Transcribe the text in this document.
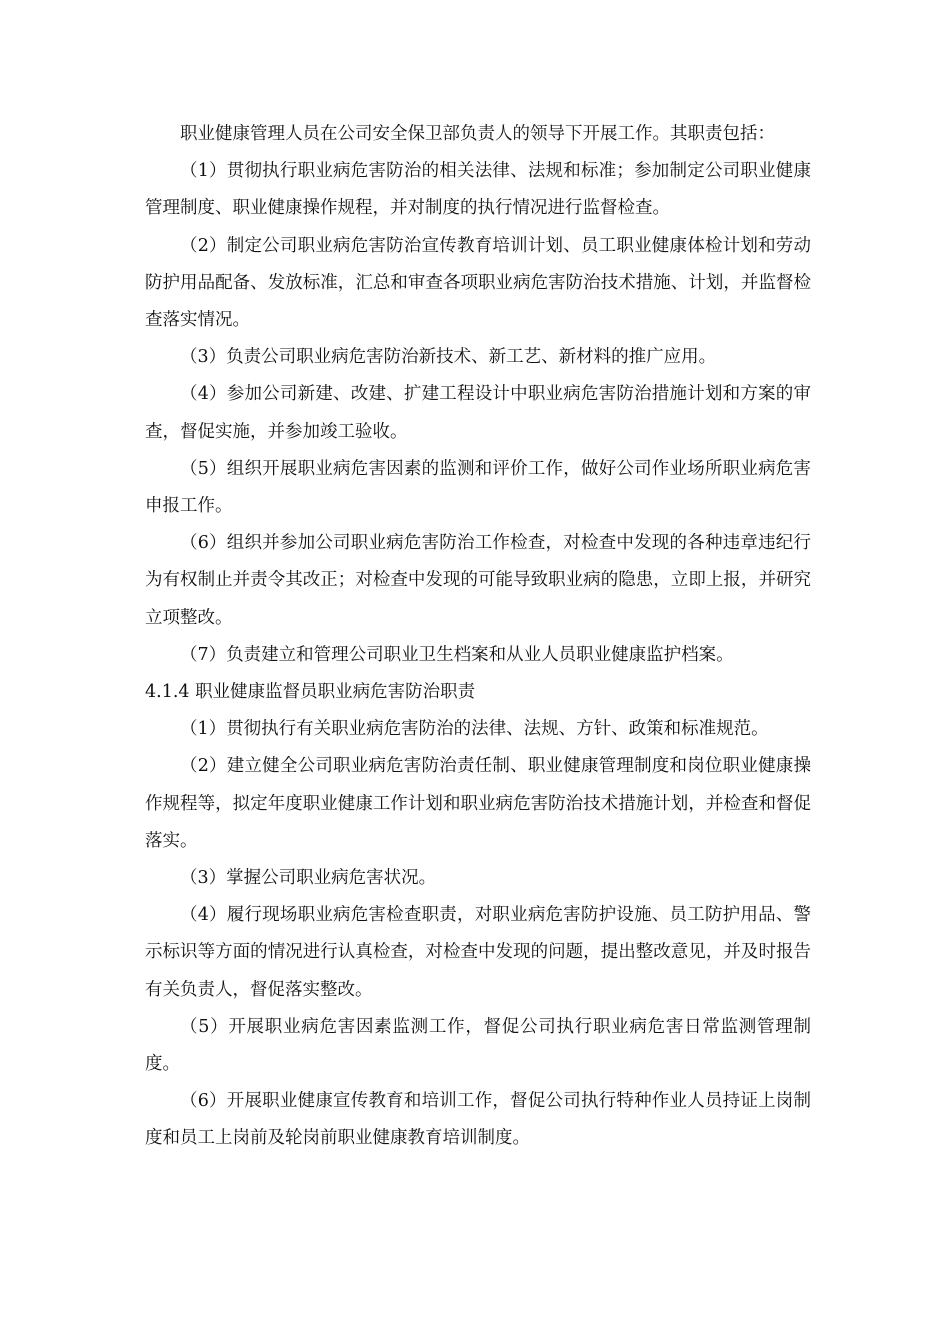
职业健康管理人员在公司安全保卫部负责人的领导下开展工作。其职责包括：

（1）贯彻执行职业病危害防治的相关法律、法规和标准；参加制定公司职业健康管理制度、职业健康操作规程，并对制度的执行情况进行监督检查。

（2）制定公司职业病危害防治宣传教育培训计划、员工职业健康体检计划和劳动防护用品配备、发放标准，汇总和审查各项职业病危害防治技术措施、计划，并监督检查落实情况。

（3）负责公司职业病危害防治新技术、新工艺、新材料的推广应用。

（4）参加公司新建、改建、扩建工程设计中职业病危害防治措施计划和方案的审查，督促实施，并参加竣工验收。

（5）组织开展职业病危害因素的监测和评价工作，做好公司作业场所职业病危害申报工作。

（6）组织并参加公司职业病危害防治工作检查，对检查中发现的各种违章违纪行为有权制止并责令其改正；对检查中发现的可能导致职业病的隐患，立即上报，并研究立项整改。

（7）负责建立和管理公司职业卫生档案和从业人员职业健康监护档案。

4.1.4 职业健康监督员职业病危害防治职责

（1）贯彻执行有关职业病危害防治的法律、法规、方针、政策和标准规范。

（2）建立健全公司职业病危害防治责任制、职业健康管理制度和岗位职业健康操作规程等，拟定年度职业健康工作计划和职业病危害防治技术措施计划，并检查和督促落实。

（3）掌握公司职业病危害状况。

（4）履行现场职业病危害检查职责，对职业病危害防护设施、员工防护用品、警示标识等方面的情况进行认真检查，对检查中发现的问题，提出整改意见，并及时报告有关负责人，督促落实整改。

（5）开展职业病危害因素监测工作，督促公司执行职业病危害日常监测管理制度。

（6）开展职业健康宣传教育和培训工作，督促公司执行特种作业人员持证上岗制度和员工上岗前及轮岗前职业健康教育培训制度。
